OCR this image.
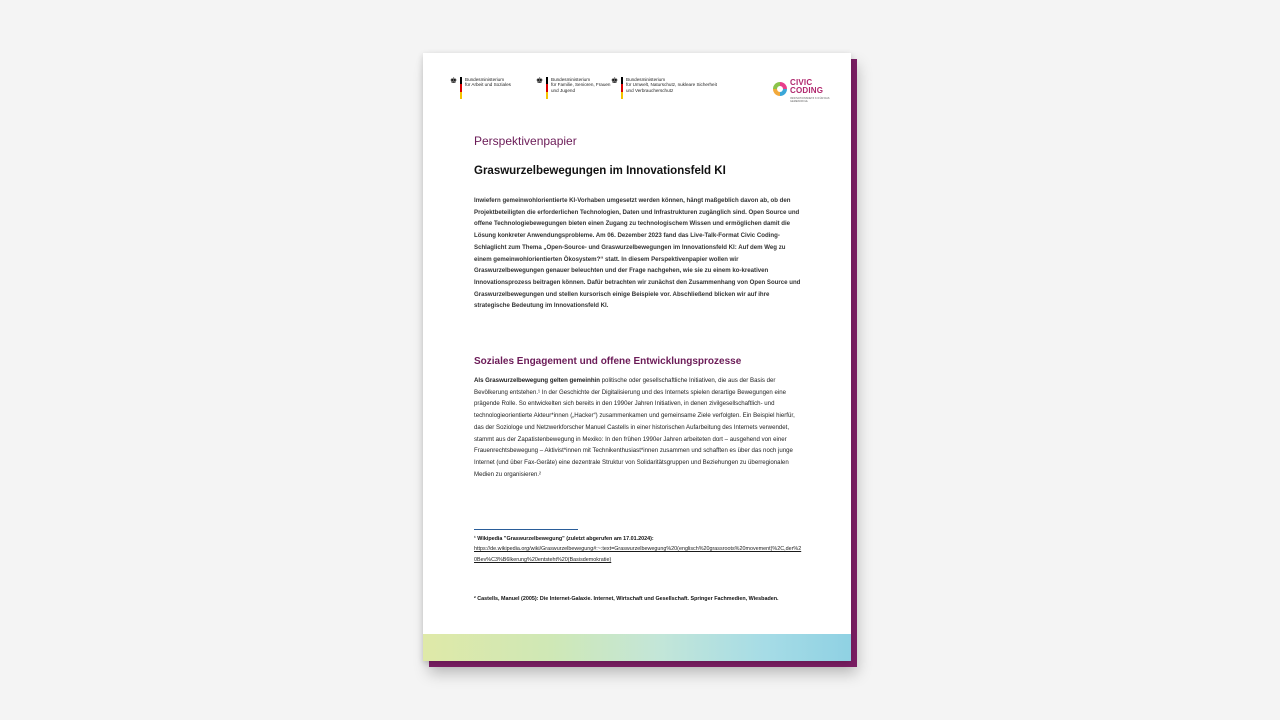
♚ Bundesministerium
für Arbeit und Soziales	♚ Bundesministerium
für Familie, Senioren, Frauen
und Jugend
♚ Bundesministerium
für Umwelt, Naturschutz, nukleare Sicherheit
und Verbraucherschutz
CIVIC
CODING
INNOVATIONSNETZ KI FÜR DAS GEMEINWOHL
Perspektivenpapier
Graswurzelbewegungen im Innovationsfeld KI
Inwiefern gemeinwohlorientierte KI-Vorhaben umgesetzt werden können, hängt maßgeblich davon ab, ob den Projektbeteiligten die erforderlichen Technologien, Daten und Infrastrukturen zugänglich sind. Open Source und offene Technologiebewegungen bieten einen Zugang zu technologischem Wissen und ermöglichen damit die Lösung konkreter Anwendungsprobleme. Am 06. Dezember 2023 fand das Live-Talk-Format Civic Coding-Schlaglicht zum Thema „Open-Source- und Graswurzelbewegungen im Innovationsfeld KI: Auf dem Weg zu einem gemeinwohlorientierten Ökosystem?“ statt. In diesem Perspektivenpapier wollen wir Graswurzelbewegungen genauer beleuchten und der Frage nachgehen, wie sie zu einem ko-kreativen Innovationsprozess beitragen können. Dafür betrachten wir zunächst den Zusammenhang von Open Source und Graswurzelbewegungen und stellen kursorisch einige Beispiele vor. Abschließend blicken wir auf ihre strategische Bedeutung im Innovationsfeld KI.
Soziales Engagement und offene Entwicklungsprozesse
Als Graswurzelbewegung gelten gemeinhin politische oder gesellschaftliche Initiativen, die aus der Basis der Bevölkerung entstehen.¹ In der Geschichte der Digitalisierung und des Internets spielen derartige Bewegungen eine prägende Rolle. So entwickelten sich bereits in den 1990er Jahren Initiativen, in denen zivilgesellschaftlich- und technologieorientierte Akteur*innen („Hacker“) zusammenkamen und gemeinsame Ziele verfolgten. Ein Beispiel hierfür, das der Soziologe und Netzwerkforscher Manuel Castells in einer historischen Aufarbeitung des Internets verwendet, stammt aus der Zapatistenbewegung in Mexiko: In den frühen 1990er Jahren arbeiteten dort – ausgehend von einer Frauenrechtsbewegung – Aktivist*innen mit Technikenthusiast*innen zusammen und schafften es über das noch junge Internet (und über Fax-Geräte) eine dezentrale Struktur von Solidaritätsgruppen und Beziehungen zu überregionalen Medien zu organisieren.²
¹ Wikipedia "Graswurzelbewegung" (zuletzt abgerufen am 17.01.2024):
https://de.wikipedia.org/wiki/Graswurzelbewegung#:~:text=Graswurzelbewegung%20(englisch%20grassroots%20movement)%2C,der%20Bev%C3%B6lkerung%20entsteht%20(Basisdemokratie)
² Castells, Manuel (2005): Die Internet-Galaxie. Internet, Wirtschaft und Gesellschaft. Springer Fachmedien, Wiesbaden.
